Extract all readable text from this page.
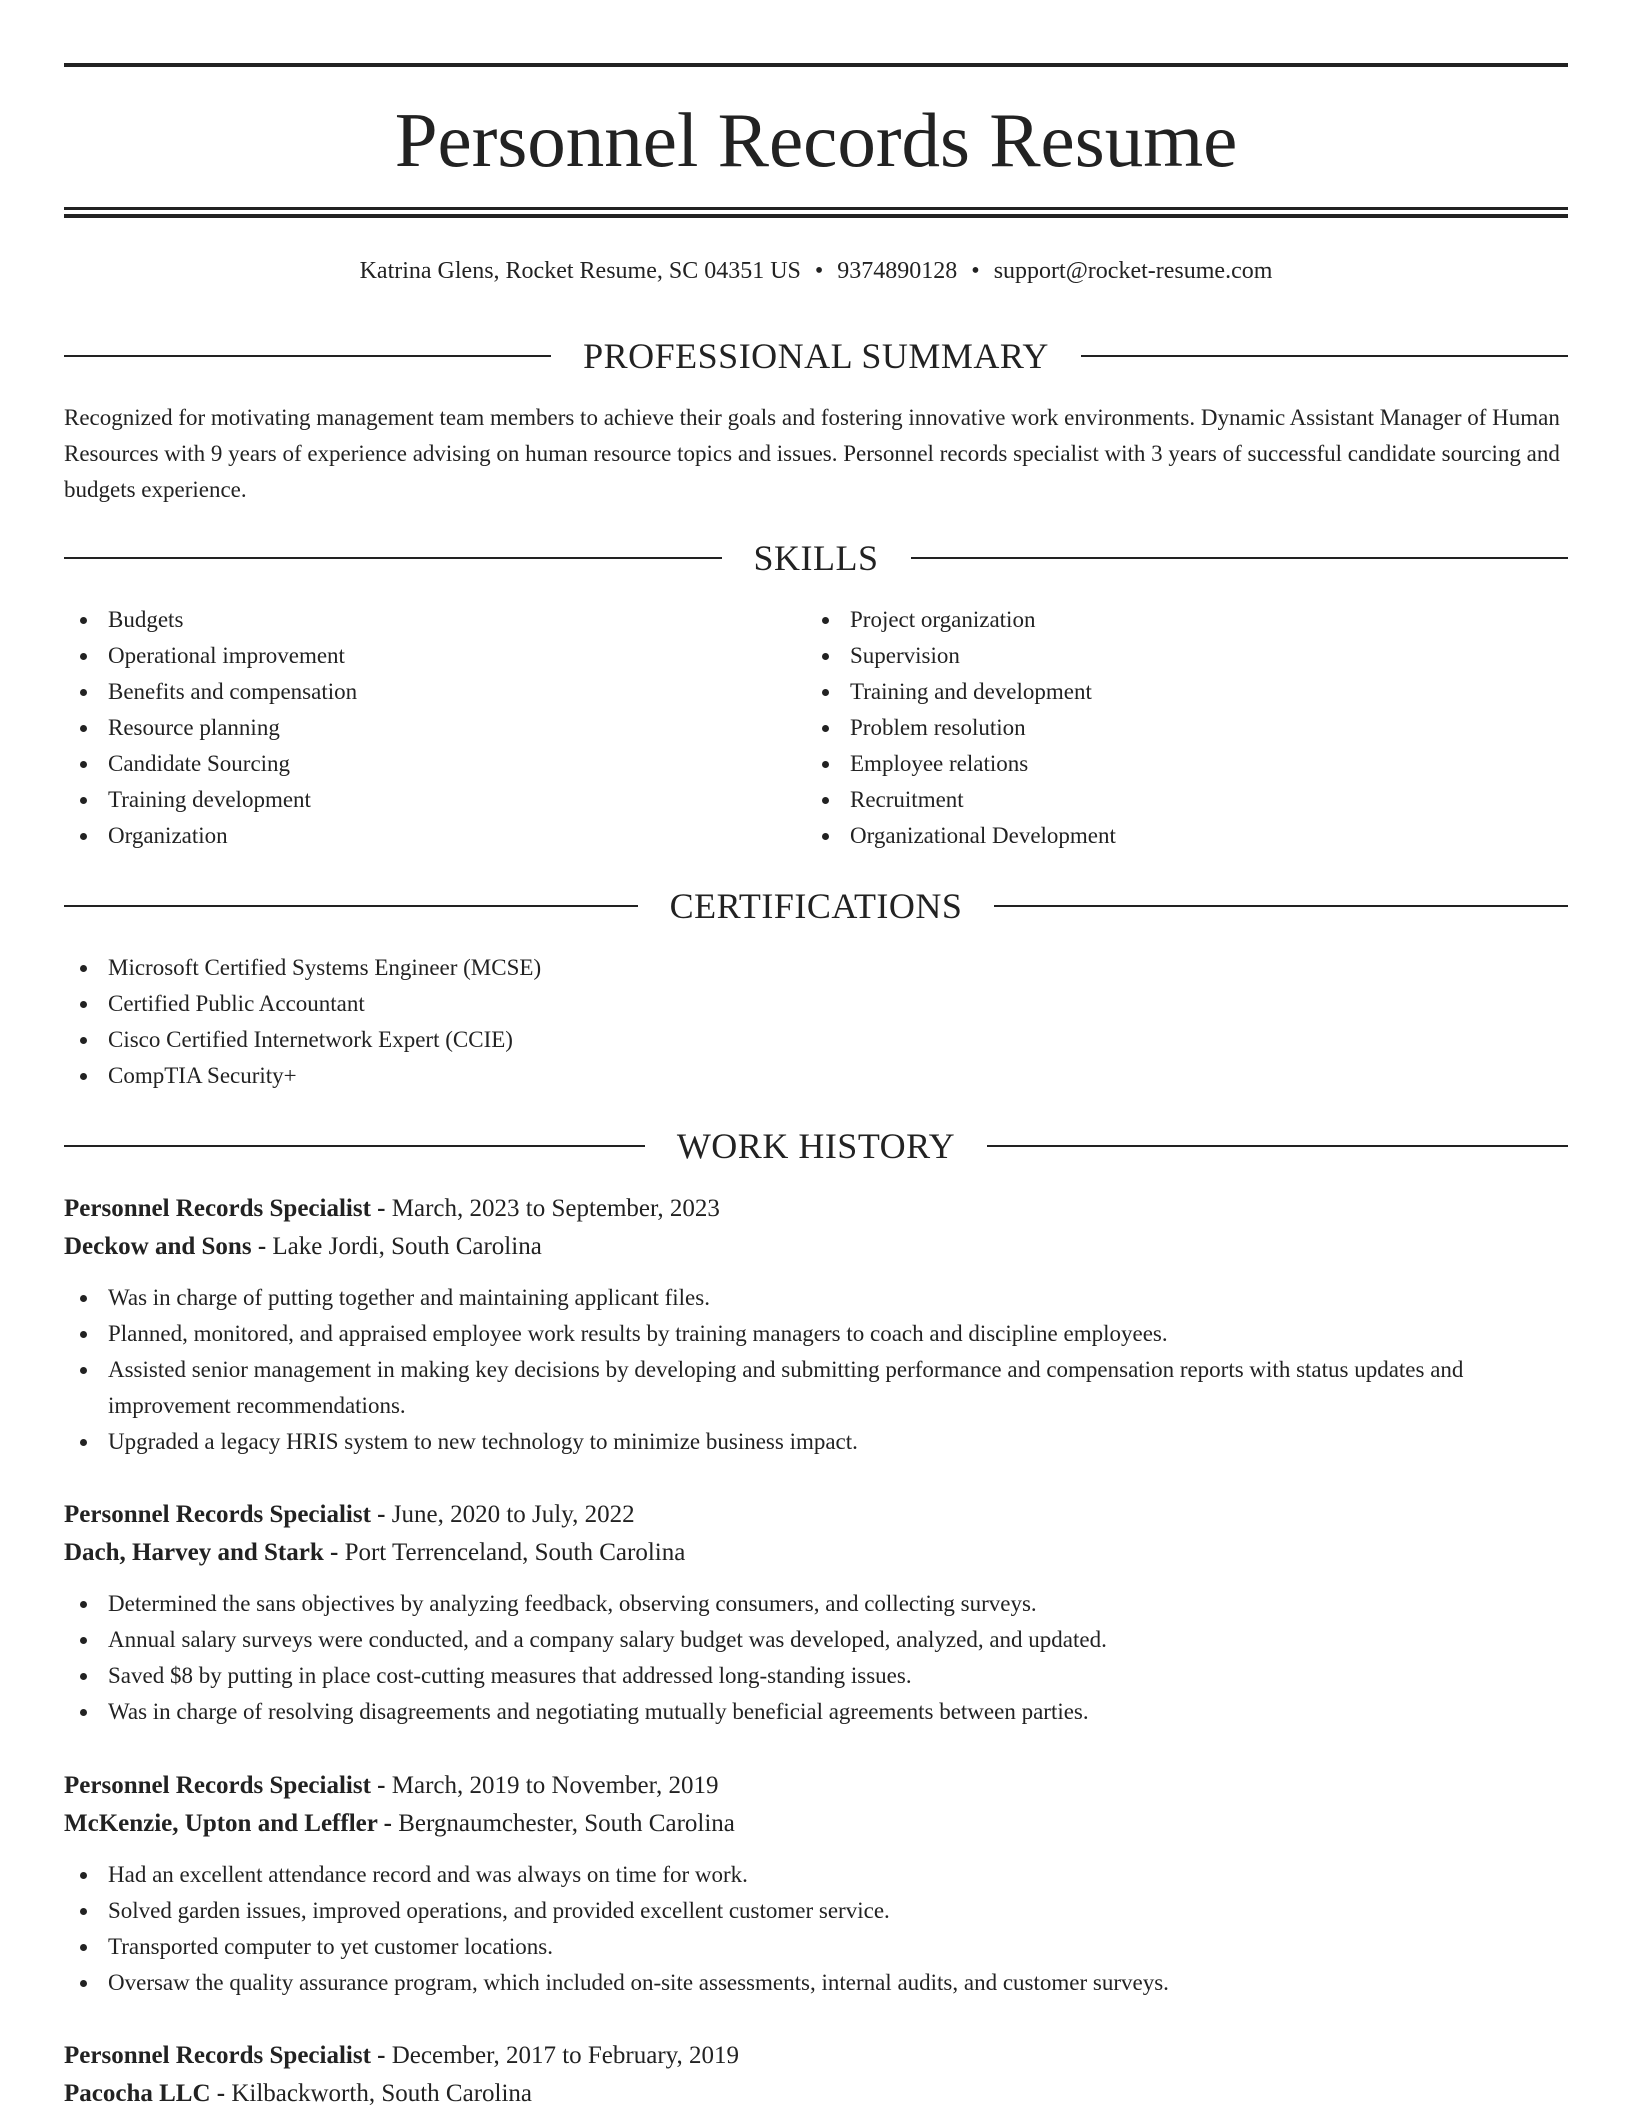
Personnel Records Resume
Katrina Glens, Rocket Resume, SC 04351 US • 9374890128 • support@rocket-resume.com
PROFESSIONAL SUMMARY

Recognized for motivating management team members to achieve their goals and fostering innovative work environments. Dynamic Assistant Manager of Human Resources with 9 years of experience advising on human resource topics and issues. Personnel records specialist with 3 years of successful candidate sourcing and budgets experience.

SKILLS
Budgets
Operational improvement
Benefits and compensation
Resource planning
Candidate Sourcing
Training development
Organization
Project organization
Supervision
Training and development
Problem resolution
Employee relations
Recruitment
Organizational Development
CERTIFICATIONS
Microsoft Certified Systems Engineer (MCSE)
Certified Public Accountant
Cisco Certified Internetwork Expert (CCIE)
CompTIA Security+
WORK HISTORY
Personnel Records Specialist - March, 2023 to September, 2023
Deckow and Sons - Lake Jordi, South Carolina
Was in charge of putting together and maintaining applicant files.
Planned, monitored, and appraised employee work results by training managers to coach and discipline employees.
Assisted senior management in making key decisions by developing and submitting performance and compensation reports with status updates and improvement recommendations.
Upgraded a legacy HRIS system to new technology to minimize business impact.
Personnel Records Specialist - June, 2020 to July, 2022
Dach, Harvey and Stark - Port Terrenceland, South Carolina
Determined the sans objectives by analyzing feedback, observing consumers, and collecting surveys.
Annual salary surveys were conducted, and a company salary budget was developed, analyzed, and updated.
Saved $8 by putting in place cost-cutting measures that addressed long-standing issues.
Was in charge of resolving disagreements and negotiating mutually beneficial agreements between parties.
Personnel Records Specialist - March, 2019 to November, 2019
McKenzie, Upton and Leffler - Bergnaumchester, South Carolina
Had an excellent attendance record and was always on time for work.
Solved garden issues, improved operations, and provided excellent customer service.
Transported computer to yet customer locations.
Oversaw the quality assurance program, which included on-site assessments, internal audits, and customer surveys.
Personnel Records Specialist - December, 2017 to February, 2019
Pacocha LLC - Kilbackworth, South Carolina
